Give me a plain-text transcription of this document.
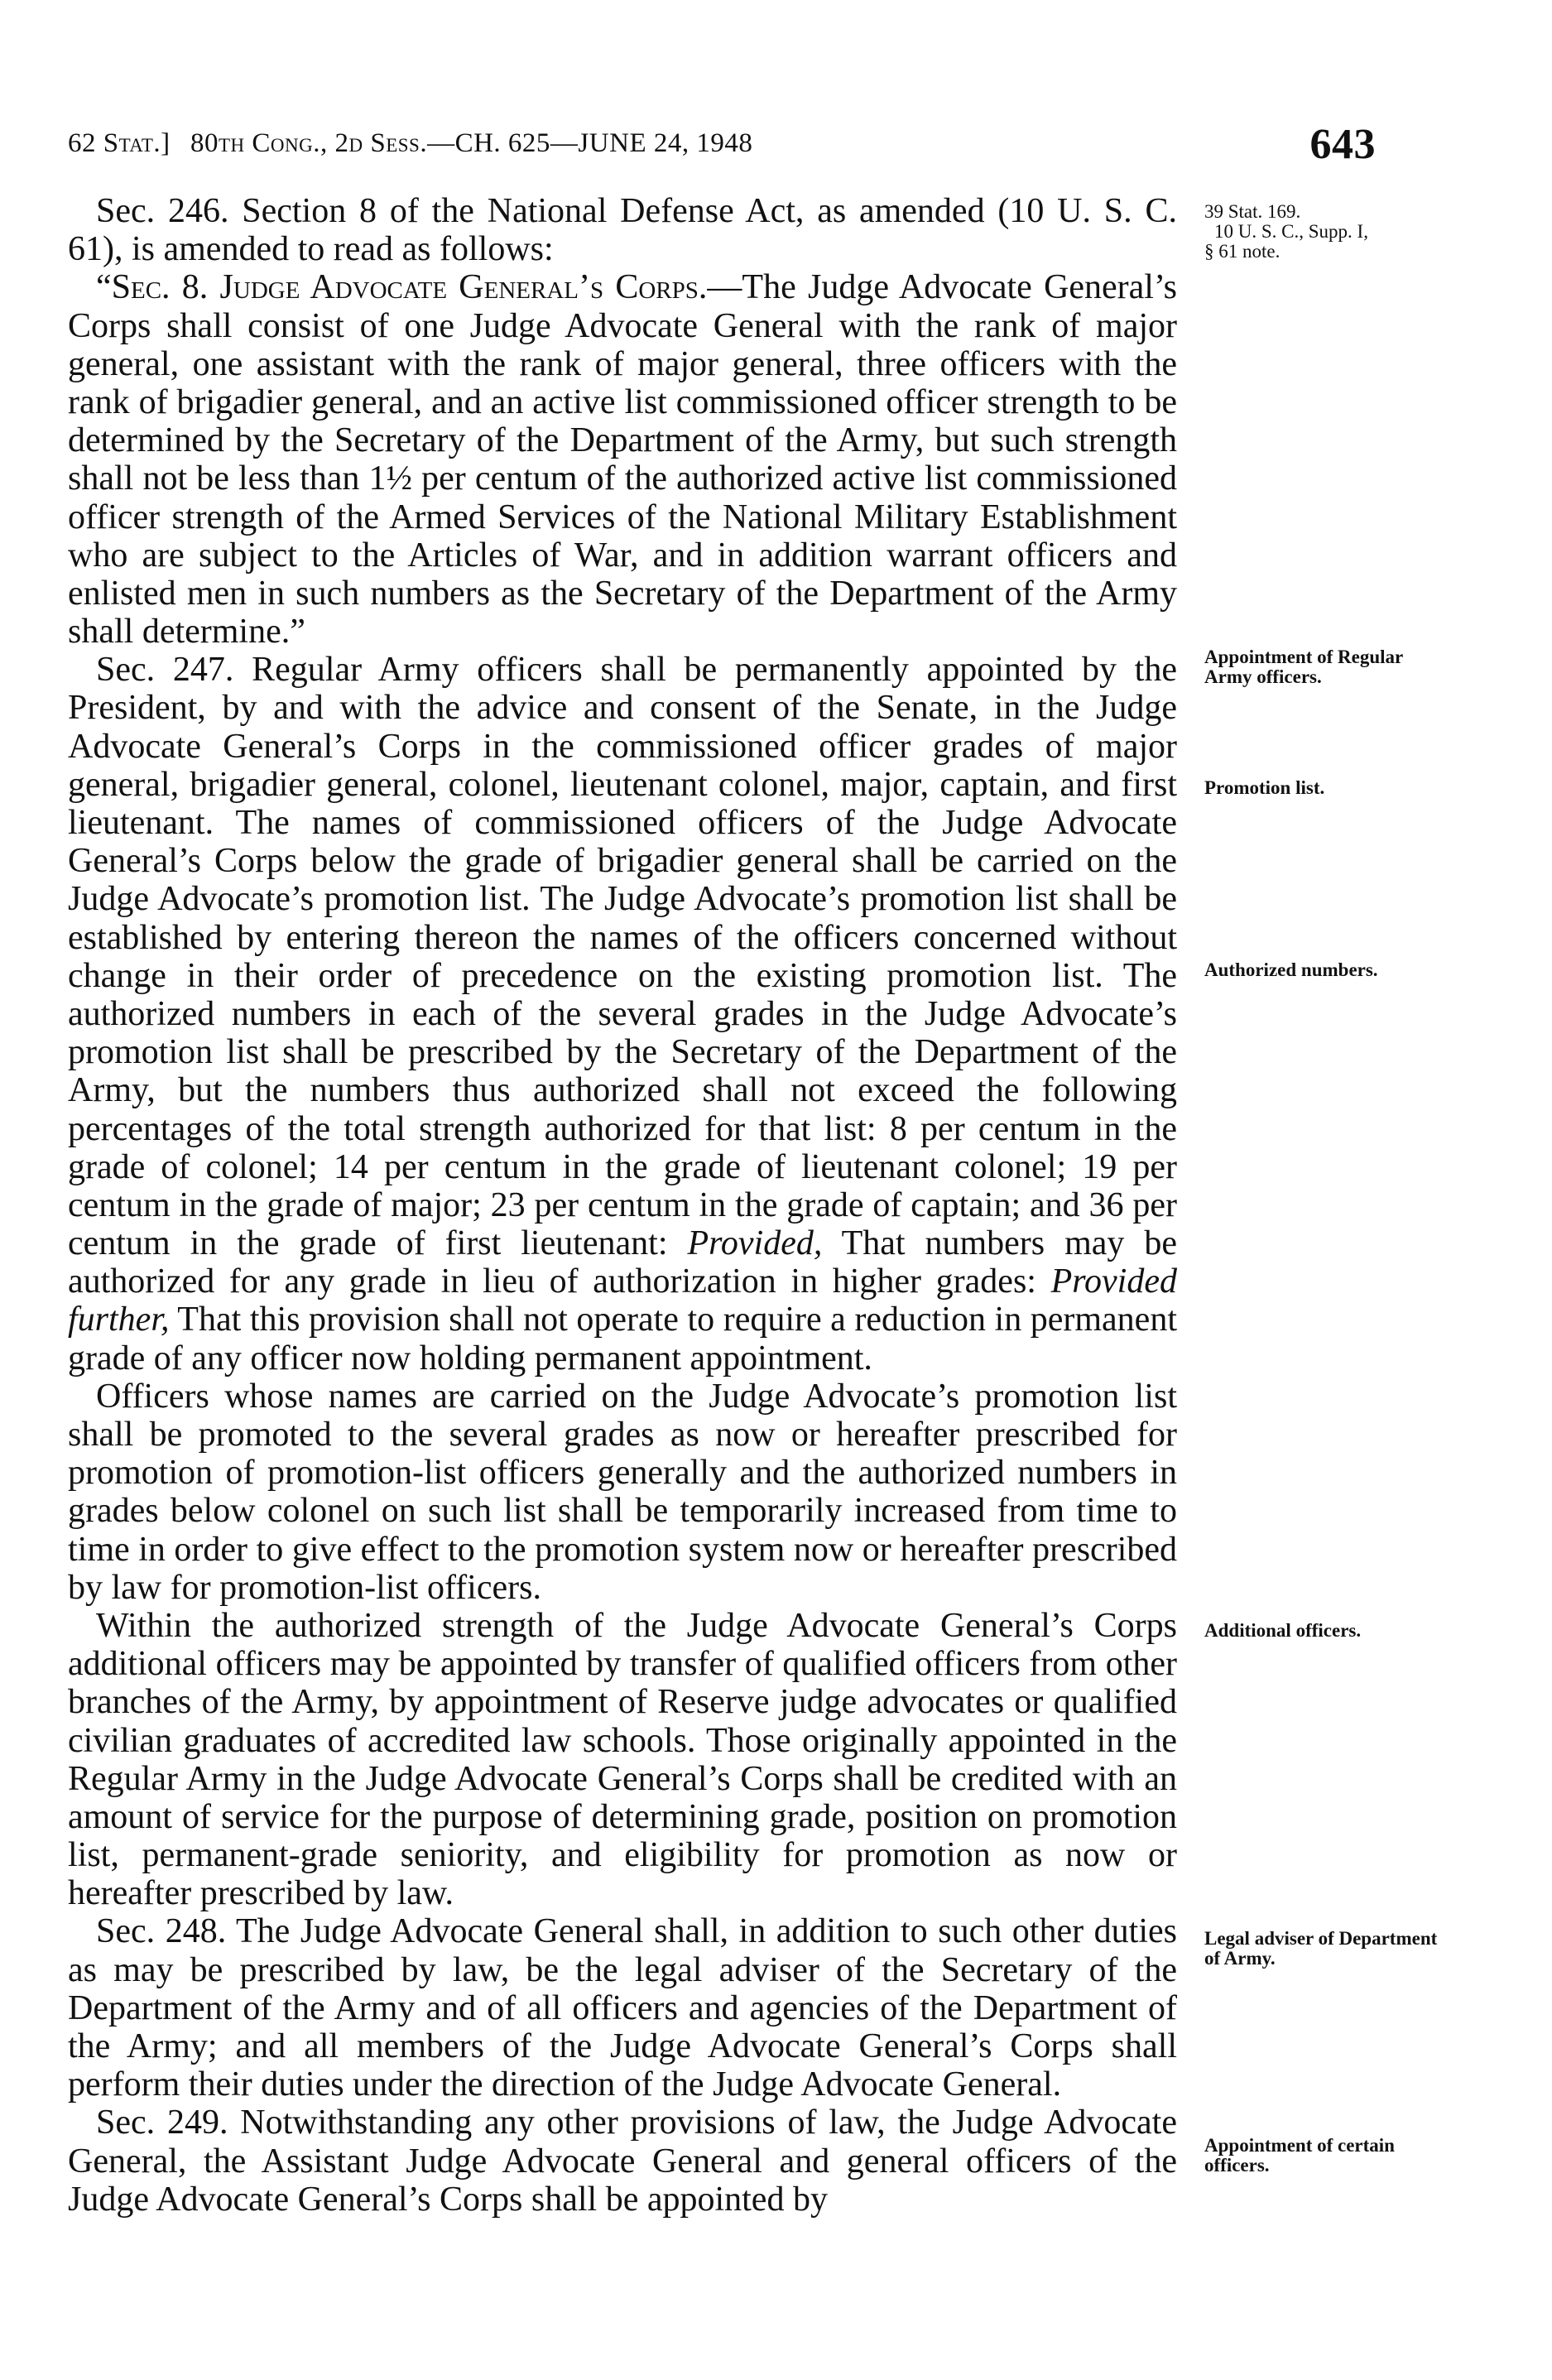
62 Stat.] 80th Cong., 2d Sess.—CH. 625—JUNE 24, 1948	643

Sec. 246. Section 8 of the National Defense Act, as amended (10 U. S. C. 61), is amended to read as follows:

“Sec. 8. Judge Advocate General’s Corps.—The Judge Advocate General’s Corps shall consist of one Judge Advocate General with the rank of major general, one assistant with the rank of major general, three officers with the rank of brigadier general, and an active list commissioned officer strength to be determined by the Secretary of the Department of the Army, but such strength shall not be less than 1½ per centum of the authorized active list commissioned officer strength of the Armed Services of the National Military Establishment who are subject to the Articles of War, and in addition warrant officers and enlisted men in such numbers as the Secretary of the Department of the Army shall determine.”

Sec. 247. Regular Army officers shall be permanently appointed by the President, by and with the advice and consent of the Senate, in the Judge Advocate General’s Corps in the commissioned officer grades of major general, brigadier general, colonel, lieutenant colonel, major, captain, and first lieutenant. The names of commissioned officers of the Judge Advocate General’s Corps below the grade of brigadier general shall be carried on the Judge Advocate’s promotion list. The Judge Advocate’s promotion list shall be established by entering thereon the names of the officers concerned without change in their order of precedence on the existing promotion list. The authorized numbers in each of the several grades in the Judge Advocate’s promotion list shall be prescribed by the Secretary of the Department of the Army, but the numbers thus authorized shall not exceed the following percentages of the total strength authorized for that list: 8 per centum in the grade of colonel; 14 per centum in the grade of lieutenant colonel; 19 per centum in the grade of major; 23 per centum in the grade of captain; and 36 per centum in the grade of first lieutenant: Provided, That numbers may be authorized for any grade in lieu of authorization in higher grades: Provided further, That this provision shall not operate to require a reduction in permanent grade of any officer now holding permanent appointment.

Officers whose names are carried on the Judge Advocate’s promotion list shall be promoted to the several grades as now or hereafter prescribed for promotion of promotion-list officers generally and the authorized numbers in grades below colonel on such list shall be temporarily increased from time to time in order to give effect to the promotion system now or hereafter prescribed by law for promotion-list officers.

Within the authorized strength of the Judge Advocate General’s Corps additional officers may be appointed by transfer of qualified officers from other branches of the Army, by appointment of Reserve judge advocates or qualified civilian graduates of accredited law schools. Those originally appointed in the Regular Army in the Judge Advocate General’s Corps shall be credited with an amount of service for the purpose of determining grade, position on promotion list, permanent-grade seniority, and eligibility for promotion as now or hereafter prescribed by law.

Sec. 248. The Judge Advocate General shall, in addition to such other duties as may be prescribed by law, be the legal adviser of the Secretary of the Department of the Army and of all officers and agencies of the Department of the Army; and all members of the Judge Advocate General’s Corps shall perform their duties under the direction of the Judge Advocate General.

Sec. 249. Notwithstanding any other provisions of law, the Judge Advocate General, the Assistant Judge Advocate General and general officers of the Judge Advocate General’s Corps shall be appointed by

39 Stat. 169.
10 U. S. C., Supp. I,
§ 61 note.
Appointment of Regular Army officers.
Promotion list.
Authorized numbers.
Additional officers.
Legal adviser of Department of Army.
Appointment of certain officers.
